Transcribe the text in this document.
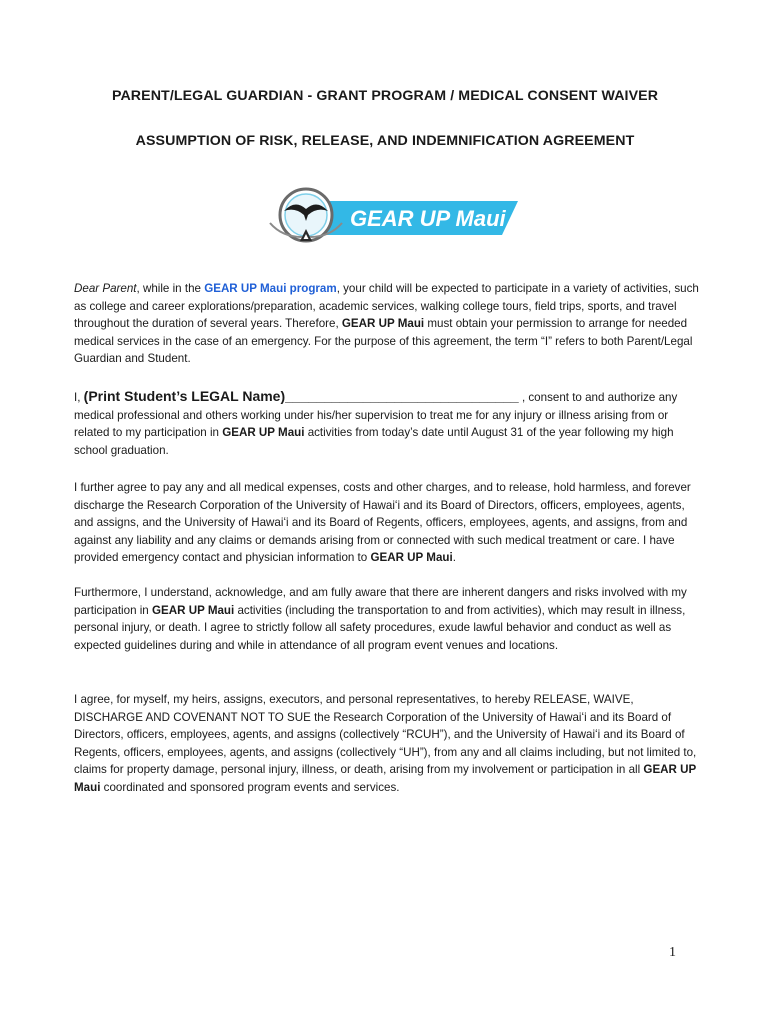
PARENT/LEGAL GUARDIAN - GRANT PROGRAM / MEDICAL CONSENT WAIVER
ASSUMPTION OF RISK, RELEASE, AND INDEMNIFICATION AGREEMENT
GEAR UP Maui
Dear Parent, while in the GEAR UP Maui program, your child will be expected to participate in a variety of activities, such as college and career explorations/preparation, academic services, walking college tours, field trips, sports, and travel throughout the duration of several years. Therefore, GEAR UP Maui must obtain your permission to arrange for needed medical services in the case of an emergency. For the purpose of this agreement, the term “I” refers to both Parent/Legal Guardian and Student.
I, (Print Student’s LEGAL Name)______________________________ , consent to and authorize any medical professional and others working under his/her supervision to treat me for any injury or illness arising from or related to my participation in GEAR UP Maui activities from today’s date until August 31 of the year following my high school graduation.
I further agree to pay any and all medical expenses, costs and other charges, and to release, hold harmless, and forever discharge the Research Corporation of the University of Hawaiʻi and its Board of Directors, officers, employees, agents, and assigns, and the University of Hawaiʻi and its Board of Regents, officers, employees, agents, and assigns, from and against any liability and any claims or demands arising from or connected with such medical treatment or care. I have provided emergency contact and physician information to GEAR UP Maui.
Furthermore, I understand, acknowledge, and am fully aware that there are inherent dangers and risks involved with my participation in GEAR UP Maui activities (including the transportation to and from activities), which may result in illness, personal injury, or death. I agree to strictly follow all safety procedures, exude lawful behavior and conduct as well as expected guidelines during and while in attendance of all program event venues and locations.
I agree, for myself, my heirs, assigns, executors, and personal representatives, to hereby RELEASE, WAIVE, DISCHARGE AND COVENANT NOT TO SUE the Research Corporation of the University of Hawaiʻi and its Board of Directors, officers, employees, agents, and assigns (collectively “RCUH”), and the University of Hawaiʻi and its Board of Regents, officers, employees, agents, and assigns (collectively “UH”), from any and all claims including, but not limited to, claims for property damage, personal injury, illness, or death, arising from my involvement or participation in all GEAR UP Maui coordinated and sponsored program events and services.
1
